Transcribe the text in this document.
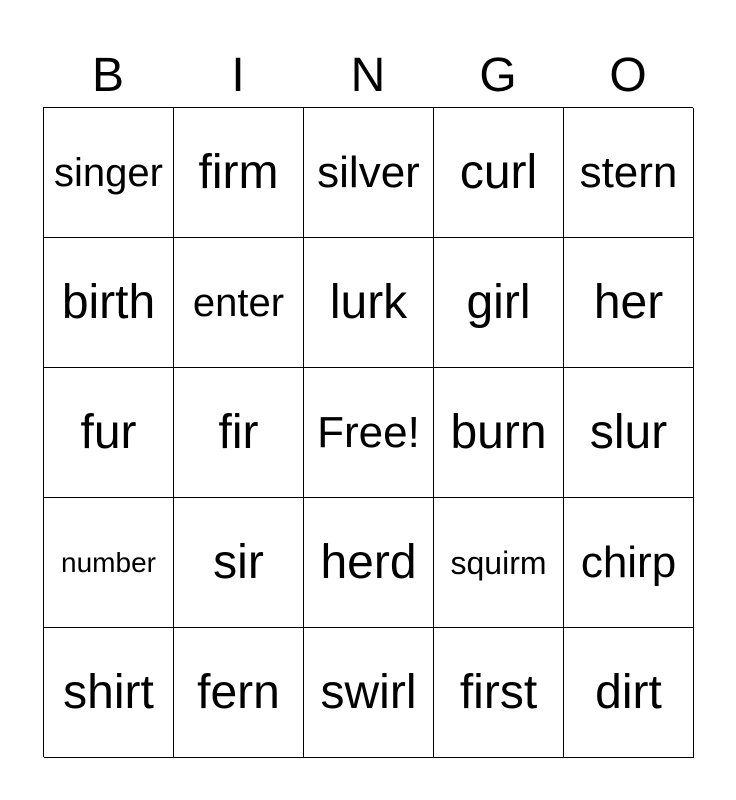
B	I	N	G	O
singer firm silver curl stern
birth enter lurk girl her
fur fir Free! burn slur
number sir herd squirm chirp
shirt fern swirl first dirt
